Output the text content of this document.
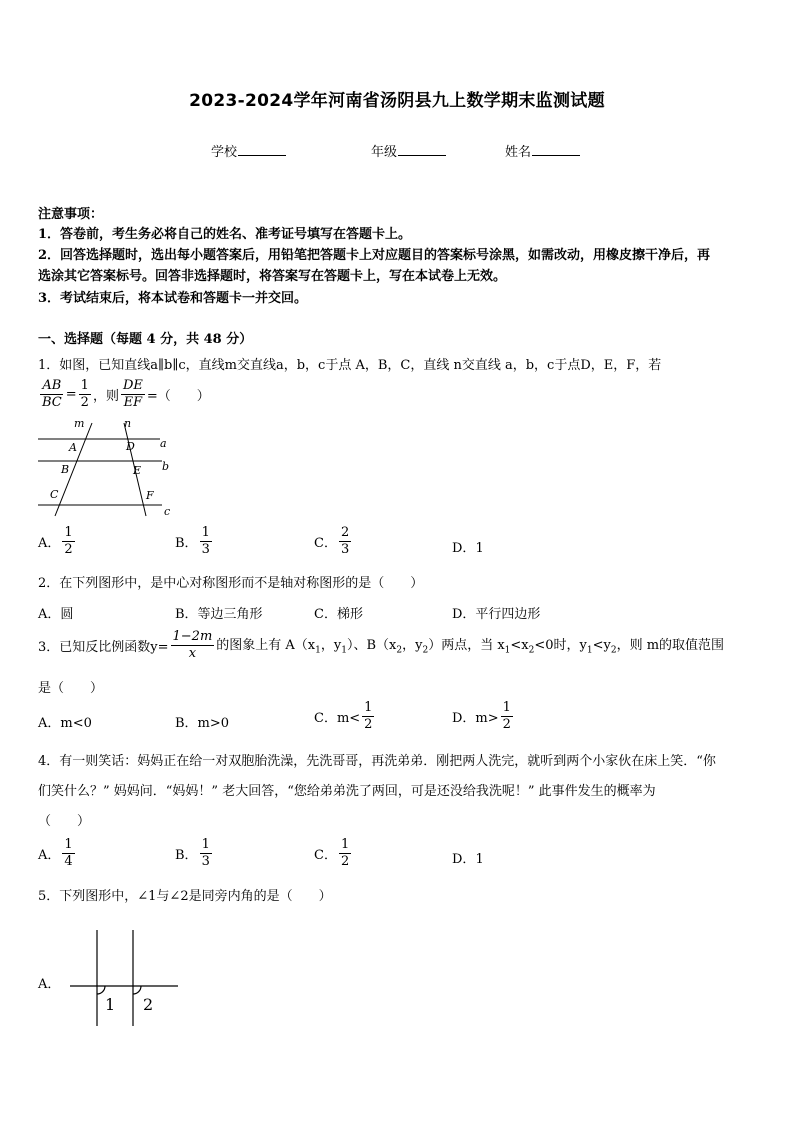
2023-2024学年河南省汤阴县九上数学期末监测试题
学校	年级	姓名
注意事项：
1．答卷前，考生务必将自己的姓名、准考证号填写在答题卡上。
2．回答选择题时，选出每小题答案后，用铅笔把答题卡上对应题目的答案标号涂黑，如需改动，用橡皮擦干净后，再
选涂其它答案标号。回答非选择题时，将答案写在答题卡上，写在本试卷上无效。
3．考试结束后，将本试卷和答题卡一并交回。
一、选择题（每题 4 分，共 48 分）
1．如图，已知直线a∥b∥c，直线m交直线a，b，c于点 A，B，C，直线 n交直线 a，b，c于点D，E，F，若
$\frac{AB}{BC} = \frac{1}{2}$ ，则 $\frac{DE}{EF}$ =（　　）
m	n
A	D a
B	E b
C	F
c
A． $\frac{1}{2}$	B． $\frac{1}{3}$	C． $\frac{2}{3}$	D．1
2．在下列图形中，是中心对称图形而不是轴对称图形的是（　　）
A．圆	B．等边三角形	C．梯形	D．平行四边形
3．已知反比例函数$y= \frac{1-2m}{x}$ 的图象上有 $A(x_1$，$y_1$）、$B(x_2$，$y_2$）两点，当 $x_1<x_2<0$时，$y_1<y_2$，则 m的取值范围
是（　　）
A．m<0	B．m>0	C．$m< \frac{1}{2}$	D．$m> \frac{1}{2}$
4．有一则笑话：妈妈正在给一对双胞胎洗澡，先洗哥哥，再洗弟弟．刚把两人洗完，就听到两个小家伙在床上笑．“你
们笑什么？” 妈妈问．“妈妈！” 老大回答，“您给弟弟洗了两回，可是还没给我洗呢！” 此事件发生的概率为
（　　）
A． $\frac{1}{4}$	B． $\frac{1}{3}$	C． $\frac{1}{2}$	D．1
5．下列图形中，∠1与∠2是同旁内角的是（　　）
A．
1 2
